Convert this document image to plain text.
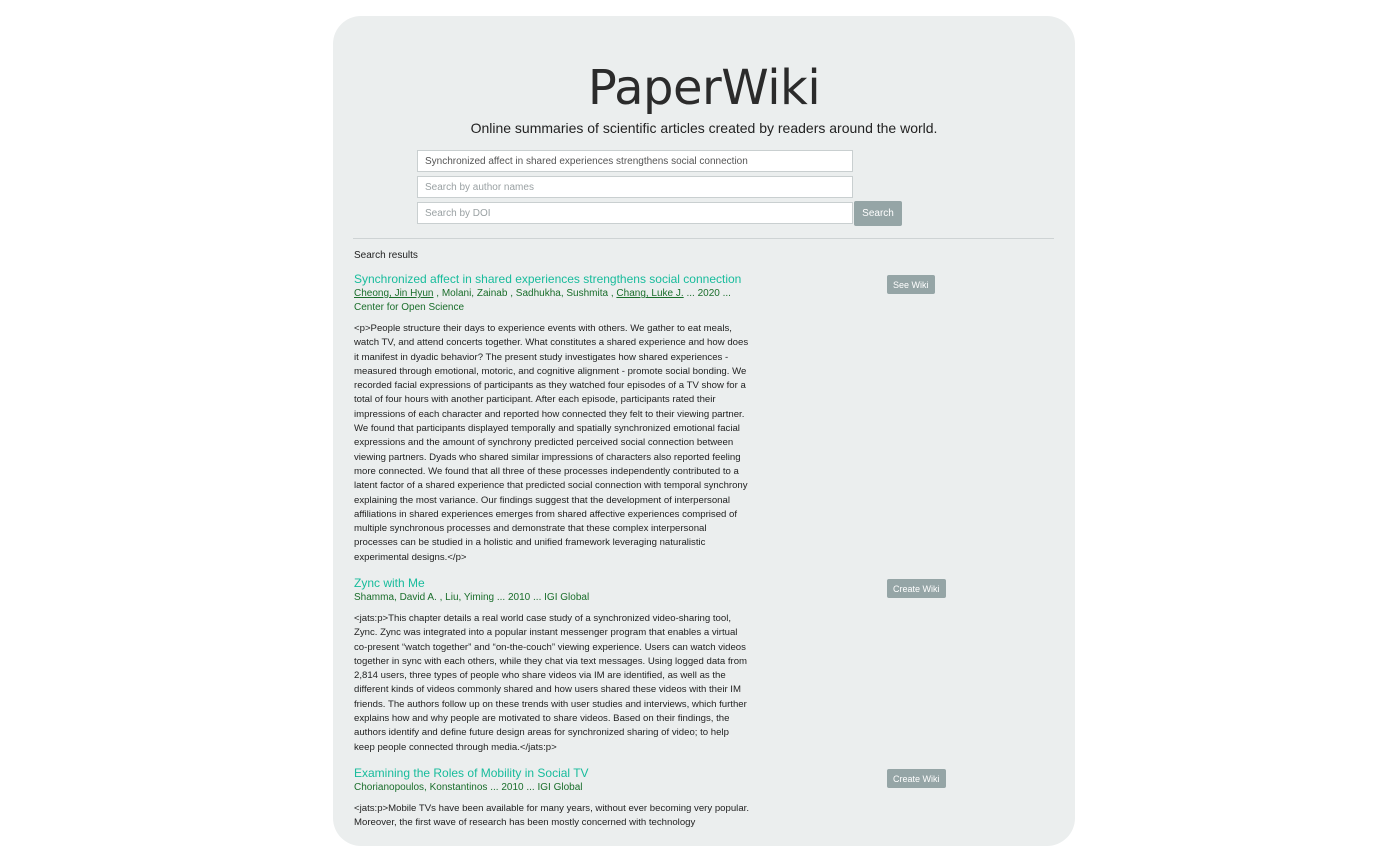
PaperWiki
Online summaries of scientific articles created by readers around the world.
Synchronized affect in shared experiences strengthens social connection
Search by author names
Search by DOI
Search
Search results
Synchronized affect in shared experiences strengthens social connection
Cheong, Jin Hyun , Molani, Zainab , Sadhukha, Sushmita , Chang, Luke J. ... 2020 ... Center for Open Science
<p>People structure their days to experience events with others. We gather to eat meals, watch TV, and attend concerts together. What constitutes a shared experience and how does it manifest in dyadic behavior? The present study investigates how shared experiences - measured through emotional, motoric, and cognitive alignment - promote social bonding. We recorded facial expressions of participants as they watched four episodes of a TV show for a total of four hours with another participant. After each episode, participants rated their impressions of each character and reported how connected they felt to their viewing partner. We found that participants displayed temporally and spatially synchronized emotional facial expressions and the amount of synchrony predicted perceived social connection between viewing partners. Dyads who shared similar impressions of characters also reported feeling more connected. We found that all three of these processes independently contributed to a latent factor of a shared experience that predicted social connection with temporal synchrony explaining the most variance. Our findings suggest that the development of interpersonal affiliations in shared experiences emerges from shared affective experiences comprised of multiple synchronous processes and demonstrate that these complex interpersonal processes can be studied in a holistic and unified framework leveraging naturalistic experimental designs.</p>
See Wiki
Zync with Me
Shamma, David A. , Liu, Yiming ... 2010 ... IGI Global
<jats:p>This chapter details a real world case study of a synchronized video-sharing tool, Zync. Zync was integrated into a popular instant messenger program that enables a virtual co-present “watch together” and “on-the-couch” viewing experience. Users can watch videos together in sync with each others, while they chat via text messages. Using logged data from 2,814 users, three types of people who share videos via IM are identified, as well as the different kinds of videos commonly shared and how users shared these videos with their IM friends. The authors follow up on these trends with user studies and interviews, which further explains how and why people are motivated to share videos. Based on their findings, the authors identify and define future design areas for synchronized sharing of video; to help keep people connected through media.</jats:p>
Create Wiki
Examining the Roles of Mobility in Social TV
Chorianopoulos, Konstantinos ... 2010 ... IGI Global
<jats:p>Mobile TVs have been available for many years, without ever becoming very popular. Moreover, the first wave of research has been mostly concerned with technology
Create Wiki
